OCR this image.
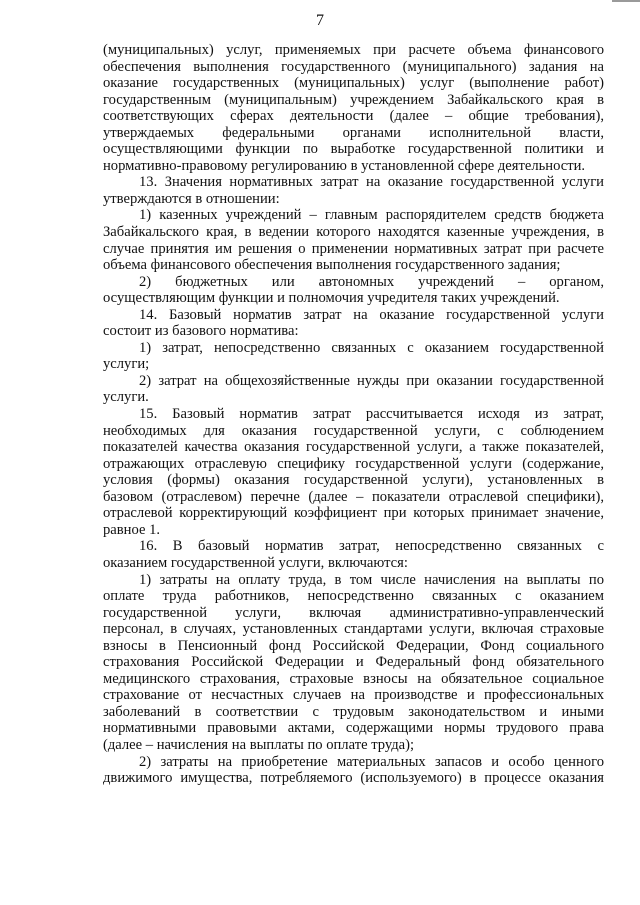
7
(муниципальных) услуг, применяемых при расчете объема финансового
обеспечения выполнения государственного (муниципального) задания на
оказание государственных (муниципальных) услуг (выполнение работ)
государственным (муниципальным) учреждением Забайкальского края в
соответствующих сферах деятельности (далее – общие требования),
утверждаемых федеральными органами исполнительной власти,
осуществляющими функции по выработке государственной политики и
нормативно-правовому регулированию в установленной сфере деятельности.
13. Значения нормативных затрат на оказание государственной услуги
утверждаются в отношении:
1) казенных учреждений – главным распорядителем средств бюджета
Забайкальского края, в ведении которого находятся казенные учреждения, в
случае принятия им решения о применении нормативных затрат при расчете
объема финансового обеспечения выполнения государственного задания;
2) бюджетных или автономных учреждений – органом,
осуществляющим функции и полномочия учредителя таких учреждений.
14. Базовый норматив затрат на оказание государственной услуги
состоит из базового норматива:
1) затрат, непосредственно связанных с оказанием государственной
услуги;
2) затрат на общехозяйственные нужды при оказании государственной
услуги.
15. Базовый норматив затрат рассчитывается исходя из затрат,
необходимых для оказания государственной услуги, с соблюдением
показателей качества оказания государственной услуги, а также показателей,
отражающих отраслевую специфику государственной услуги (содержание,
условия (формы) оказания государственной услуги), установленных в
базовом (отраслевом) перечне (далее – показатели отраслевой специфики),
отраслевой корректирующий коэффициент при которых принимает значение,
равное 1.
16. В базовый норматив затрат, непосредственно связанных с
оказанием государственной услуги, включаются:
1) затраты на оплату труда, в том числе начисления на выплаты по
оплате труда работников, непосредственно связанных с оказанием
государственной услуги, включая административно-управленческий
персонал, в случаях, установленных стандартами услуги, включая страховые
взносы в Пенсионный фонд Российской Федерации, Фонд социального
страхования Российской Федерации и Федеральный фонд обязательного
медицинского страхования, страховые взносы на обязательное социальное
страхование от несчастных случаев на производстве и профессиональных
заболеваний в соответствии с трудовым законодательством и иными
нормативными правовыми актами, содержащими нормы трудового права
(далее – начисления на выплаты по оплате труда);
2) затраты на приобретение материальных запасов и особо ценного
движимого имущества, потребляемого (используемого) в процессе оказания
